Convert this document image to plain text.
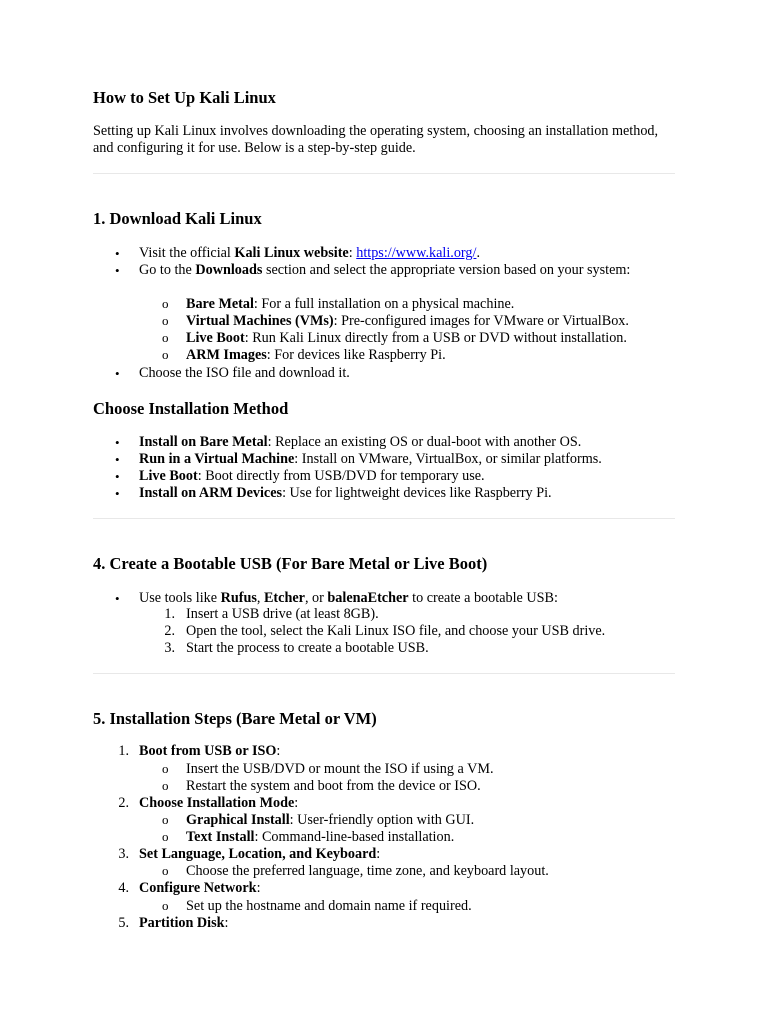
How to Set Up Kali Linux

Setting up Kali Linux involves downloading the operating system, choosing an installation method, and configuring it for use. Below is a step-by-step guide.

1. Download Kali Linux
• Visit the official Kali Linux website: https://www.kali.org/.
• Go to the Downloads section and select the appropriate version based on your system:
o Bare Metal: For a full installation on a physical machine.
o Virtual Machines (VMs): Pre-configured images for VMware or VirtualBox.
o Live Boot: Run Kali Linux directly from a USB or DVD without installation.
o ARM Images: For devices like Raspberry Pi.
• Choose the ISO file and download it.
Choose Installation Method
• Install on Bare Metal: Replace an existing OS or dual-boot with another OS.
• Run in a Virtual Machine: Install on VMware, VirtualBox, or similar platforms.
• Live Boot: Boot directly from USB/DVD for temporary use.
• Install on ARM Devices: Use for lightweight devices like Raspberry Pi.
4. Create a Bootable USB (For Bare Metal or Live Boot)
• Use tools like Rufus, Etcher, or balenaEtcher to create a bootable USB:
1. Insert a USB drive (at least 8GB).
2. Open the tool, select the Kali Linux ISO file, and choose your USB drive.
3. Start the process to create a bootable USB.
5. Installation Steps (Bare Metal or VM)
1. Boot from USB or ISO:
o Insert the USB/DVD or mount the ISO if using a VM.
o Restart the system and boot from the device or ISO.
2. Choose Installation Mode:
o Graphical Install: User-friendly option with GUI.
o Text Install: Command-line-based installation.
3. Set Language, Location, and Keyboard:
o Choose the preferred language, time zone, and keyboard layout.
4. Configure Network:
o Set up the hostname and domain name if required.
5. Partition Disk:
